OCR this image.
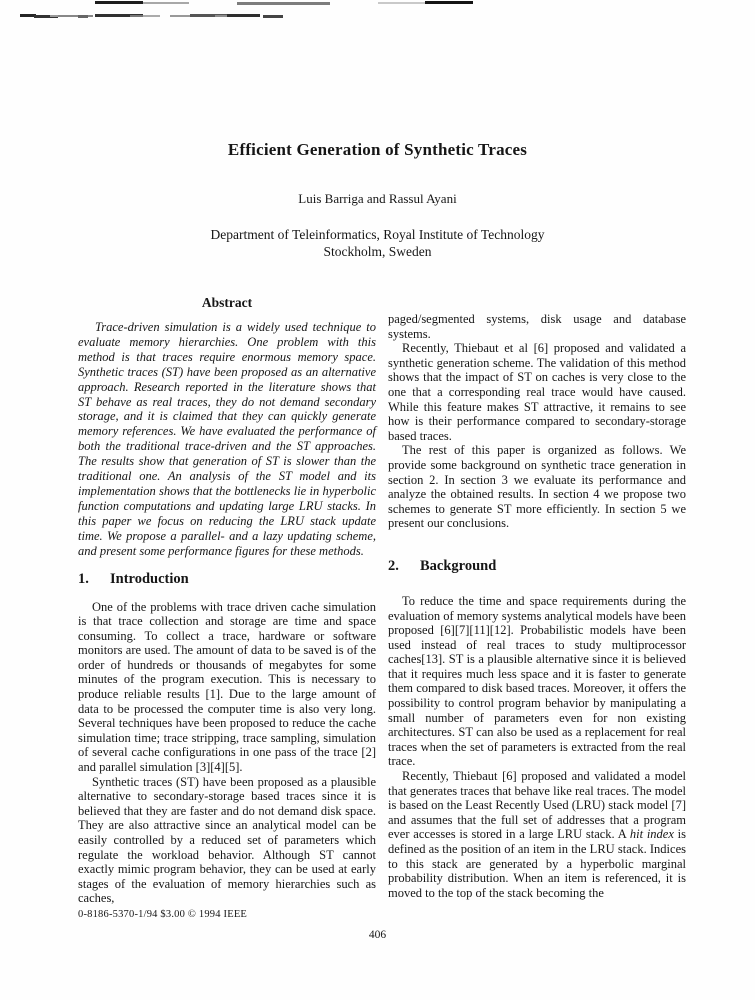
Efficient Generation of Synthetic Traces
Luis Barriga and Rassul Ayani
Department of Teleinformatics, Royal Institute of Technology
Stockholm, Sweden
Abstract

Trace-driven simulation is a widely used technique to evaluate memory hierarchies. One problem with this method is that traces require enormous memory space. Synthetic traces (ST) have been proposed as an alternative approach. Research reported in the literature shows that ST behave as real traces, they do not demand secondary storage, and it is claimed that they can quickly generate memory references. We have evaluated the performance of both the traditional trace-driven and the ST approaches. The results show that generation of ST is slower than the traditional one. An analysis of the ST model and its implementation shows that the bottlenecks lie in hyperbolic function computations and updating large LRU stacks. In this paper we focus on reducing the LRU stack update time. We propose a parallel- and a lazy updating scheme, and present some performance figures for these methods.

1. Introduction

One of the problems with trace driven cache simulation is that trace collection and storage are time and space consuming. To collect a trace, hardware or software monitors are used. The amount of data to be saved is of the order of hundreds or thousands of megabytes for some minutes of the program execution. This is necessary to produce reliable results [1]. Due to the large amount of data to be processed the computer time is also very long. Several techniques have been proposed to reduce the cache simulation time; trace stripping, trace sampling, simulation of several cache configurations in one pass of the trace [2] and parallel simulation [3][4][5].

Synthetic traces (ST) have been proposed as a plausible alternative to secondary-storage based traces since it is believed that they are faster and do not demand disk space. They are also attractive since an analytical model can be easily controlled by a reduced set of parameters which regulate the workload behavior. Although ST cannot exactly mimic program behavior, they can be used at early stages of the evaluation of memory hierarchies such as caches,

paged/segmented systems, disk usage and database systems.

Recently, Thiebaut et al [6] proposed and validated a synthetic generation scheme. The validation of this method shows that the impact of ST on caches is very close to the one that a corresponding real trace would have caused. While this feature makes ST attractive, it remains to see how is their performance compared to secondary-storage based traces.

The rest of this paper is organized as follows. We provide some background on synthetic trace generation in section 2. In section 3 we evaluate its performance and analyze the obtained results. In section 4 we propose two schemes to generate ST more efficiently. In section 5 we present our conclusions.

2. Background

To reduce the time and space requirements during the evaluation of memory systems analytical models have been proposed [6][7][11][12]. Probabilistic models have been used instead of real traces to study multiprocessor caches[13]. ST is a plausible alternative since it is believed that it requires much less space and it is faster to generate them compared to disk based traces. Moreover, it offers the possibility to control program behavior by manipulating a small number of parameters even for non existing architectures. ST can also be used as a replacement for real traces when the set of parameters is extracted from the real trace.

Recently, Thiebaut [6] proposed and validated a model that generates traces that behave like real traces. The model is based on the Least Recently Used (LRU) stack model [7] and assumes that the full set of addresses that a program ever accesses is stored in a large LRU stack. A hit index is defined as the position of an item in the LRU stack. Indices to this stack are generated by a hyperbolic marginal probability distribution. When an item is referenced, it is moved to the top of the stack becoming the

0-8186-5370-1/94 $3.00 © 1994 IEEE
406
